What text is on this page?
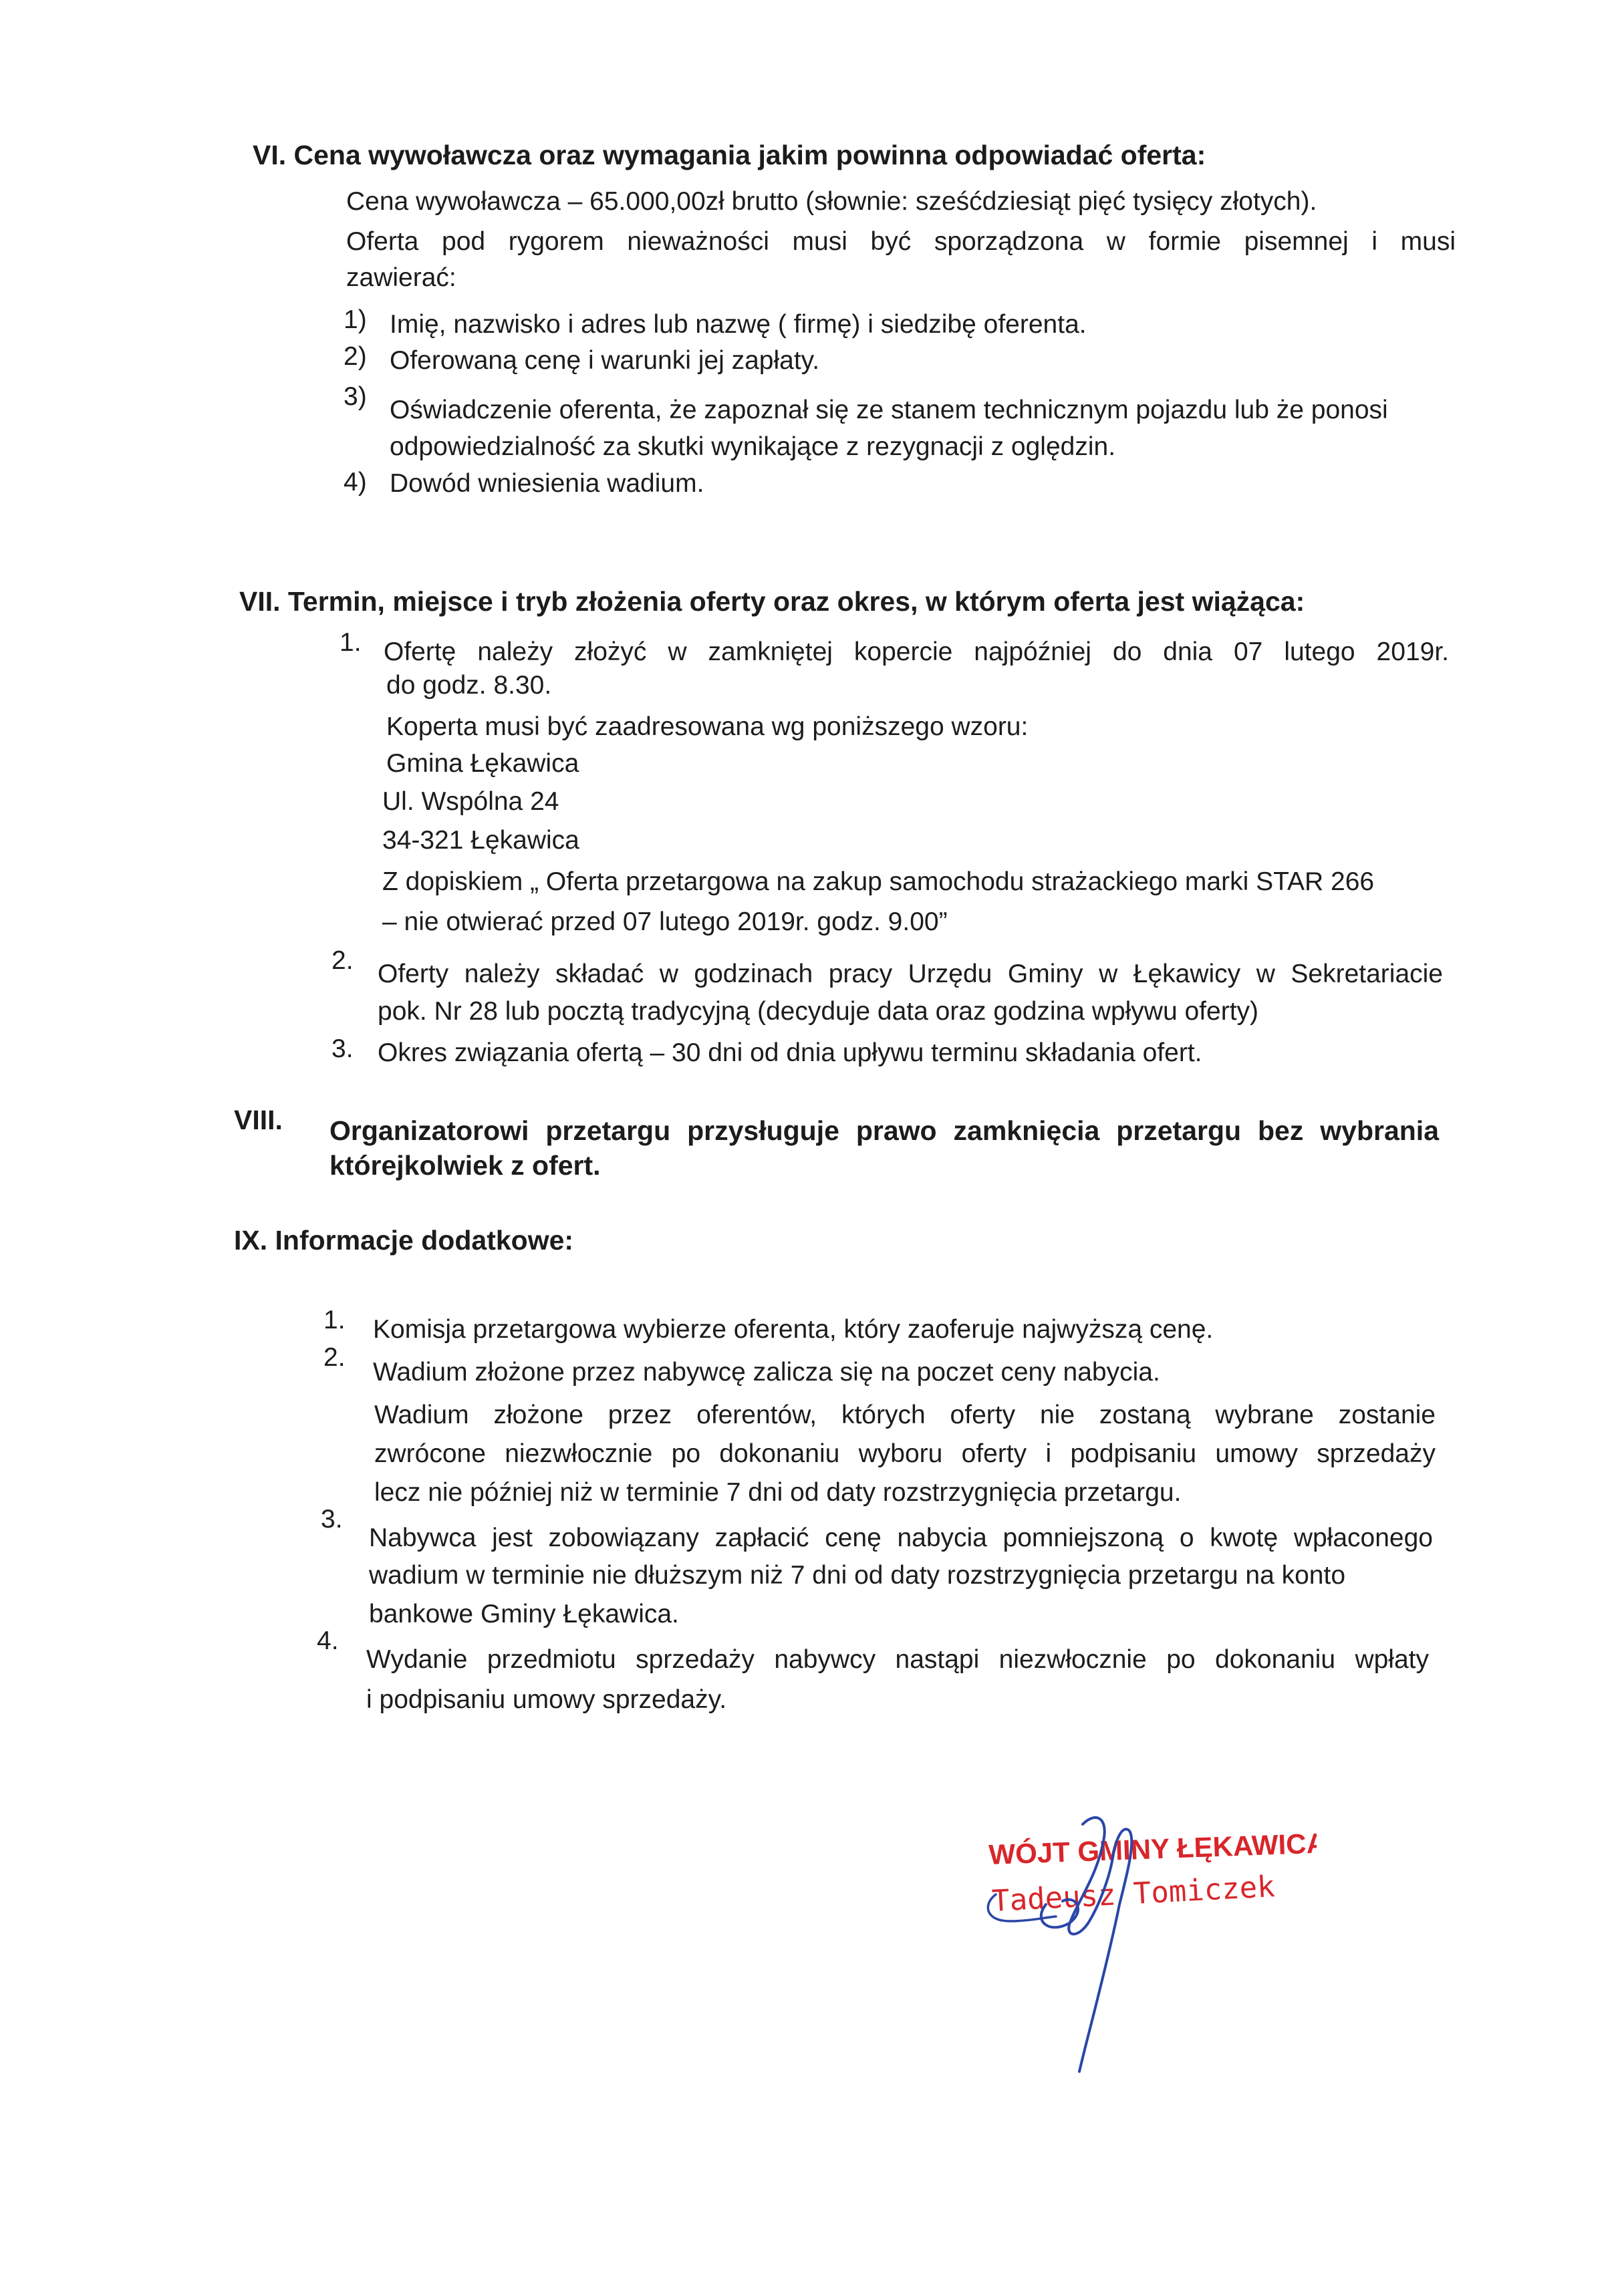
VI. Cena wywoławcza oraz wymagania jakim powinna odpowiadać oferta:
Cena wywoławcza – 65.000,00zł brutto (słownie: sześćdziesiąt pięć tysięcy złotych).
Oferta pod rygorem nieważności musi być sporządzona w formie pisemnej i musi
zawierać:
1) Imię, nazwisko i adres lub nazwę ( firmę) i siedzibę oferenta.
2) Oferowaną cenę i warunki jej zapłaty.
3) Oświadczenie oferenta, że zapoznał się ze stanem technicznym pojazdu lub że ponosi
odpowiedzialność za skutki wynikające z rezygnacji z oględzin.
4) Dowód wniesienia wadium.
VII. Termin, miejsce i tryb złożenia oferty oraz okres, w którym oferta jest wiążąca:
1. Ofertę należy złożyć w zamkniętej kopercie najpóźniej do dnia 07 lutego 2019r.
do godz. 8.30.
Koperta musi być zaadresowana wg poniższego wzoru:
Gmina Łękawica
Ul. Wspólna 24
34-321 Łękawica
Z dopiskiem „ Oferta przetargowa na zakup samochodu strażackiego marki STAR 266
– nie otwierać przed 07 lutego 2019r. godz. 9.00”
2. Oferty należy składać w godzinach pracy Urzędu Gminy w Łękawicy w Sekretariacie
pok. Nr 28 lub pocztą tradycyjną (decyduje data oraz godzina wpływu oferty)
3. Okres związania ofertą – 30 dni od dnia upływu terminu składania ofert.
VIII. Organizatorowi przetargu przysługuje prawo zamknięcia przetargu bez wybrania
którejkolwiek z ofert.
IX. Informacje dodatkowe:
1. Komisja przetargowa wybierze oferenta, który zaoferuje najwyższą cenę.
2.
Wadium złożone przez nabywcę zalicza się na poczet ceny nabycia.
Wadium złożone przez oferentów, których oferty nie zostaną wybrane zostanie
zwrócone niezwłocznie po dokonaniu wyboru oferty i podpisaniu umowy sprzedaży
lecz nie później niż w terminie 7 dni od daty rozstrzygnięcia przetargu.
3.
Nabywca jest zobowiązany zapłacić cenę nabycia pomniejszoną o kwotę wpłaconego
wadium w terminie nie dłuższym niż 7 dni od daty rozstrzygnięcia przetargu na konto
bankowe Gminy Łękawica.
4.
Wydanie przedmiotu sprzedaży nabywcy nastąpi niezwłocznie po dokonaniu wpłaty
i podpisaniu umowy sprzedaży.
WÓJT GMINY ŁĘKAWICA
Tadeusz Tomiczek
